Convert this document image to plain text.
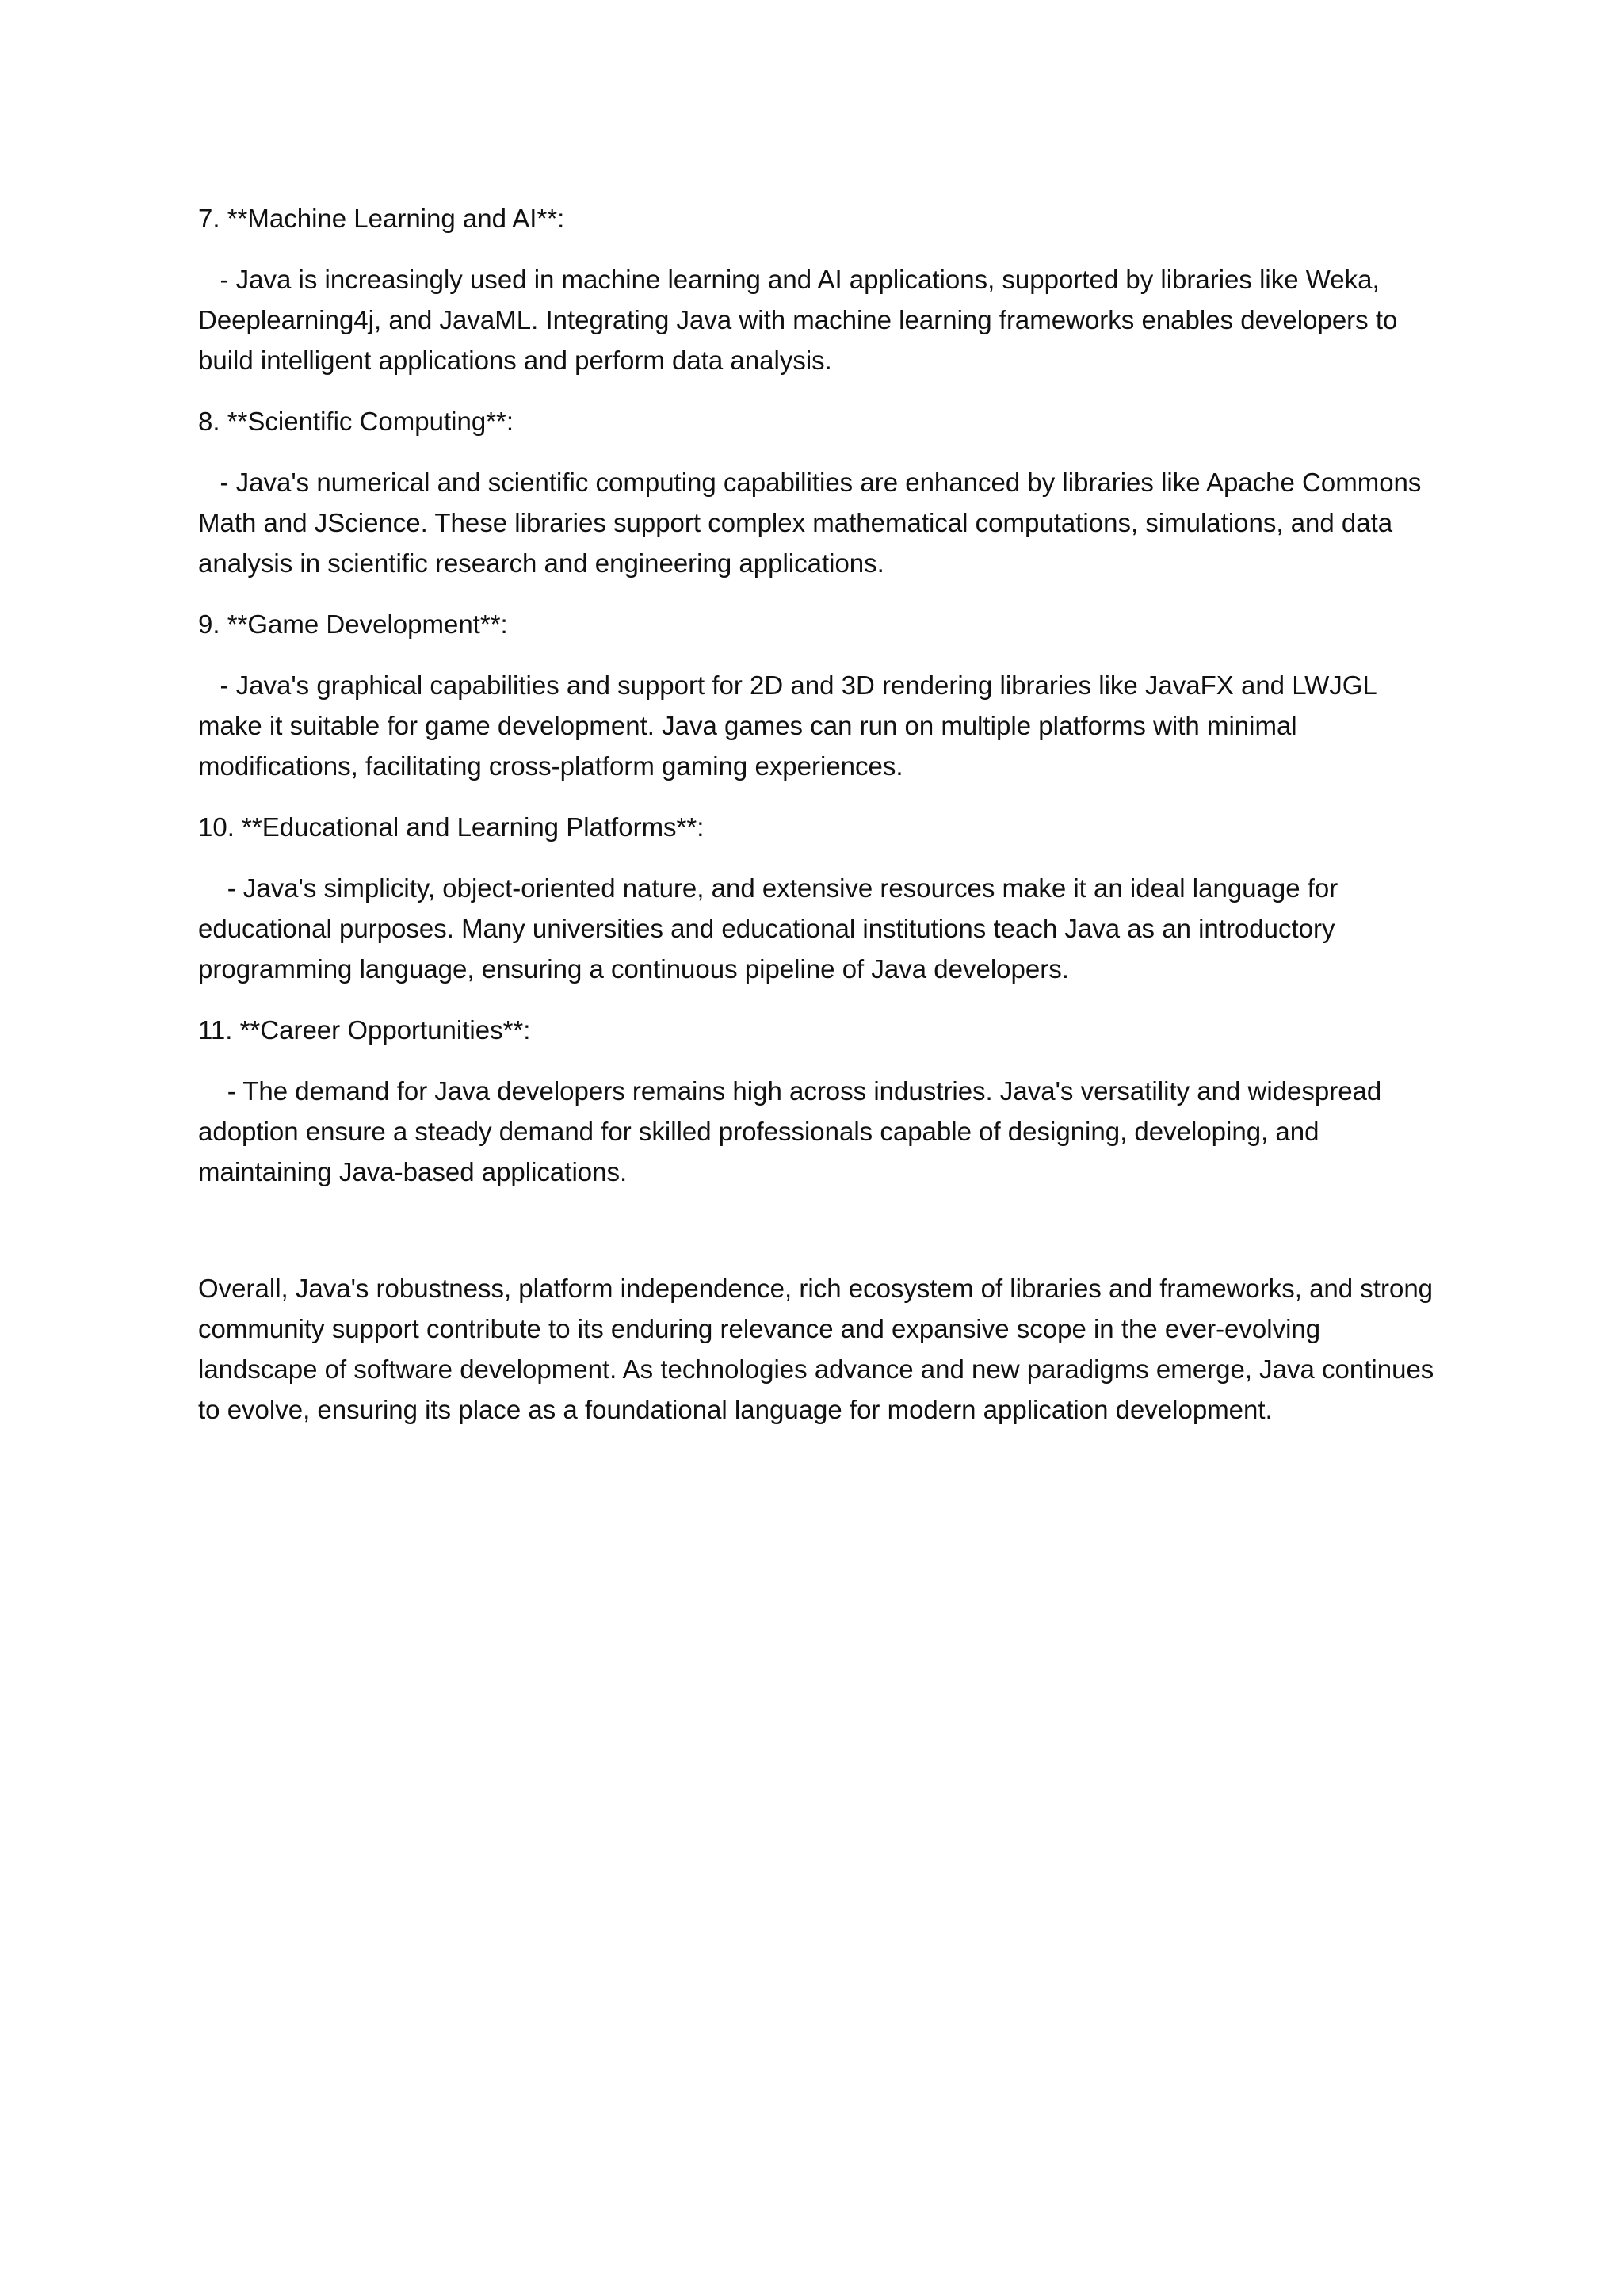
7. **Machine Learning and AI**:

- Java is increasingly used in machine learning and AI applications, supported by libraries like Weka, Deeplearning4j, and JavaML. Integrating Java with machine learning frameworks enables developers to build intelligent applications and perform data analysis.

8. **Scientific Computing**:

- Java's numerical and scientific computing capabilities are enhanced by libraries like Apache Commons Math and JScience. These libraries support complex mathematical computations, simulations, and data analysis in scientific research and engineering applications.

9. **Game Development**:

- Java's graphical capabilities and support for 2D and 3D rendering libraries like JavaFX and LWJGL make it suitable for game development. Java games can run on multiple platforms with minimal modifications, facilitating cross-platform gaming experiences.

10. **Educational and Learning Platforms**:

- Java's simplicity, object-oriented nature, and extensive resources make it an ideal language for educational purposes. Many universities and educational institutions teach Java as an introductory programming language, ensuring a continuous pipeline of Java developers.

11. **Career Opportunities**:

- The demand for Java developers remains high across industries. Java's versatility and widespread adoption ensure a steady demand for skilled professionals capable of designing, developing, and maintaining Java-based applications.

Overall, Java's robustness, platform independence, rich ecosystem of libraries and frameworks, and strong community support contribute to its enduring relevance and expansive scope in the ever-evolving landscape of software development. As technologies advance and new paradigms emerge, Java continues to evolve, ensuring its place as a foundational language for modern application development.
